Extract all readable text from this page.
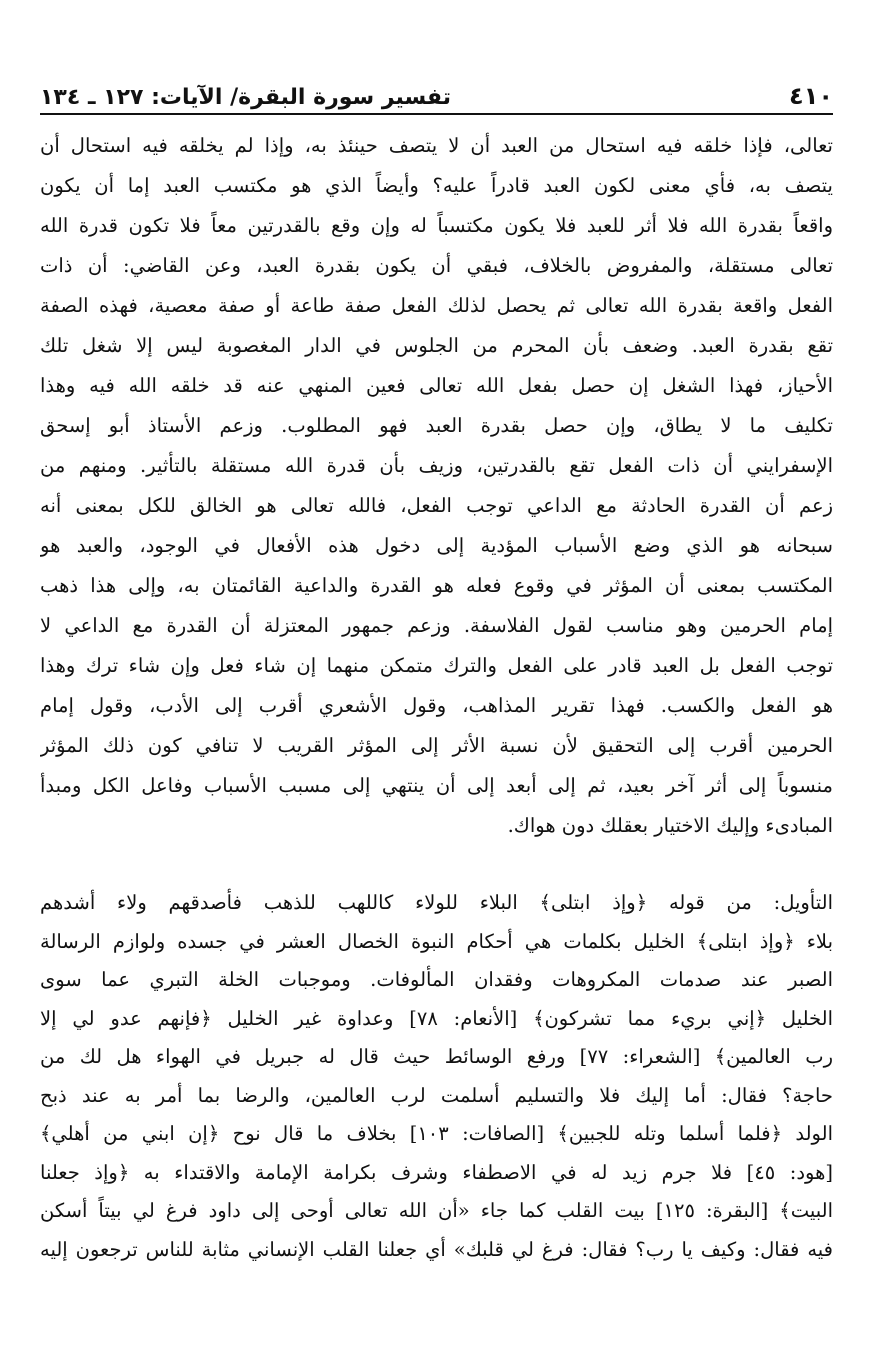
٤١٠
تفسير سورة البقرة/ الآيات: ١٢٧ ـ ١٣٤
تعالى، فإذا خلقه فيه استحال من العبد أن لا يتصف حينئذ به، وإذا لم يخلقه فيه استحال أن
يتصف به، فأي معنى لكون العبد قادراً عليه؟ وأيضاً الذي هو مكتسب العبد إما أن يكون
واقعاً بقدرة الله فلا أثر للعبد فلا يكون مكتسباً له وإن وقع بالقدرتين معاً فلا تكون قدرة الله
تعالى مستقلة، والمفروض بالخلاف، فبقي أن يكون بقدرة العبد، وعن القاضي: أن ذات
الفعل واقعة بقدرة الله تعالى ثم يحصل لذلك الفعل صفة طاعة أو صفة معصية، فهذه الصفة
تقع بقدرة العبد. وضعف بأن المحرم من الجلوس في الدار المغصوبة ليس إلا شغل تلك
الأحياز، فهذا الشغل إن حصل بفعل الله تعالى فعين المنهي عنه قد خلقه الله فيه وهذا
تكليف ما لا يطاق، وإن حصل بقدرة العبد فهو المطلوب. وزعم الأستاذ أبو إسحق
الإسفرايني أن ذات الفعل تقع بالقدرتين، وزيف بأن قدرة الله مستقلة بالتأثير. ومنهم من
زعم أن القدرة الحادثة مع الداعي توجب الفعل، فالله تعالى هو الخالق للكل بمعنى أنه
سبحانه هو الذي وضع الأسباب المؤدية إلى دخول هذه الأفعال في الوجود، والعبد هو
المكتسب بمعنى أن المؤثر في وقوع فعله هو القدرة والداعية القائمتان به، وإلى هذا ذهب
إمام الحرمين وهو مناسب لقول الفلاسفة. وزعم جمهور المعتزلة أن القدرة مع الداعي لا
توجب الفعل بل العبد قادر على الفعل والترك متمكن منهما إن شاء فعل وإن شاء ترك وهذا
هو الفعل والكسب. فهذا تقرير المذاهب، وقول الأشعري أقرب إلى الأدب، وقول إمام
الحرمين أقرب إلى التحقيق لأن نسبة الأثر إلى المؤثر القريب لا تنافي كون ذلك المؤثر
منسوباً إلى أثر آخر بعيد، ثم إلى أبعد إلى أن ينتهي إلى مسبب الأسباب وفاعل الكل ومبدأ
المبادىء وإليك الاختيار بعقلك دون هواك.
التأويل: من قوله ﴿وإذ ابتلى﴾ البلاء للولاء كاللهب للذهب فأصدقهم ولاء أشدهم
بلاء ﴿وإذ ابتلى﴾ الخليل بكلمات هي أحكام النبوة الخصال العشر في جسده ولوازم الرسالة
الصبر عند صدمات المكروهات وفقدان المألوفات. وموجبات الخلة التبري عما سوى
الخليل ﴿إني بريء مما تشركون﴾ [الأنعام: ٧٨] وعداوة غير الخليل ﴿فإنهم عدو لي إلا
رب العالمين﴾ [الشعراء: ٧٧] ورفع الوسائط حيث قال له جبريل في الهواء هل لك من
حاجة؟ فقال: أما إليك فلا والتسليم أسلمت لرب العالمين، والرضا بما أمر به عند ذبح
الولد ﴿فلما أسلما وتله للجبين﴾ [الصافات: ١٠٣] بخلاف ما قال نوح ﴿إن ابني من أهلي﴾
[هود: ٤٥] فلا جرم زيد له في الاصطفاء وشرف بكرامة الإمامة والاقتداء به ﴿وإذ جعلنا
البيت﴾ [البقرة: ١٢٥] بيت القلب كما جاء «أن الله تعالى أوحى إلى داود فرغ لي بيتاً أسكن
فيه فقال: وكيف يا رب؟ فقال: فرغ لي قلبك» أي جعلنا القلب الإنساني مثابة للناس ترجعون إليه
